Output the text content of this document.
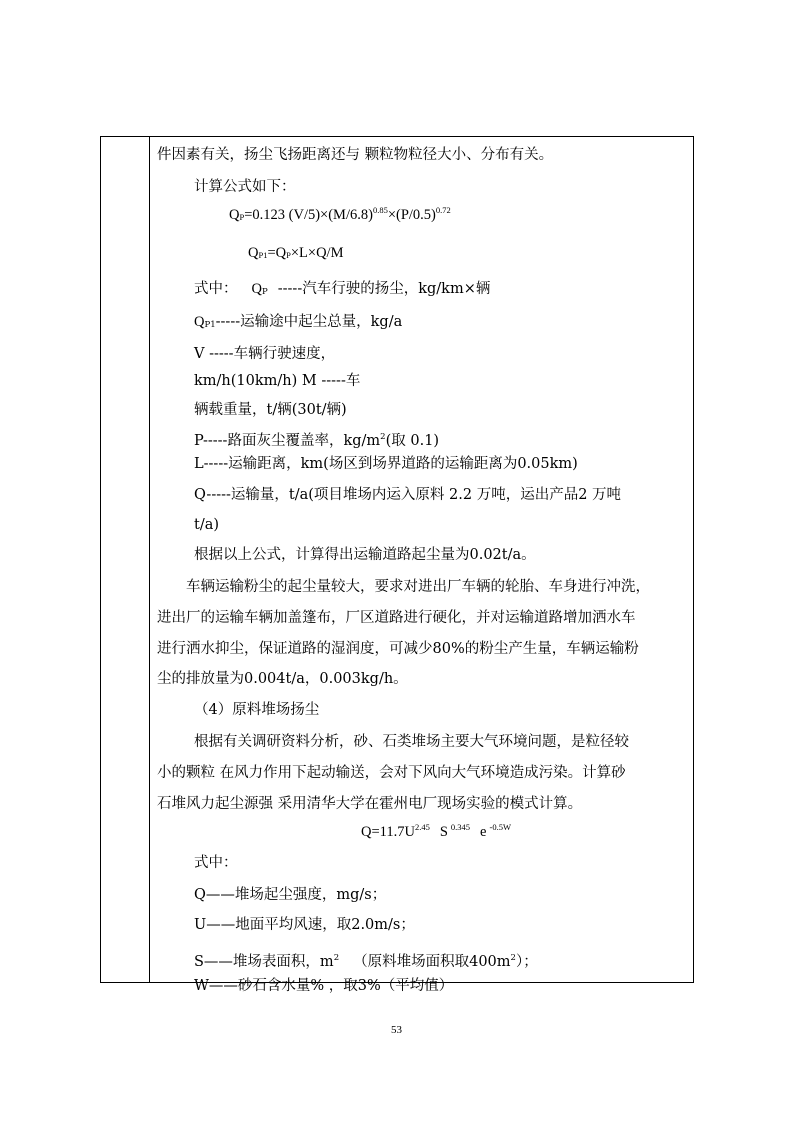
件因素有关，扬尘飞扬距离还与 颗粒物粒径大小、分布有关。
计算公式如下：
$Q_P=0.123$ $(V/5)\times(M/6.8)^{0.85}\times(P/0.5)^{0.72}$
$Q_{P1}=Q_P\times L\times Q/M$
式中： $Q_P$ -----汽车行驶的扬尘，kg/km×辆
$Q_{P1}-----$运输途中起尘总量，kg/a
V -----车辆行驶速度，
km/h(10km/h) M -----车
辆载重量，t/辆(30t/辆)
P-----路面灰尘覆盖率，$kg/m^2$(取 0.1)
L-----运输距离，km(场区到场界道路的运输距离为0.05km)
Q-----运输量，t/a(项目堆场内运入原料 2.2 万吨，运出产品2 万吨
t/a)
根据以上公式，计算得出运输道路起尘量为0.02t/a。
车辆运输粉尘的起尘量较大，要求对进出厂车辆的轮胎、车身进行冲洗，
进出厂的运输车辆加盖篷布，厂区道路进行硬化，并对运输道路增加洒水车
进行洒水抑尘，保证道路的湿润度，可减少80%的粉尘产生量，车辆运输粉
尘的排放量为0.004t/a，0.003kg/h。
（4）原料堆场扬尘
根据有关调研资料分析，砂、石类堆场主要大气环境问题，是粒径较
小的颗粒 在风力作用下起动输送，会对下风向大气环境造成污染。计算砂
石堆风力起尘源强 采用清华大学在霍州电厂现场实验的模式计算。
$Q=11.7U^{2.45}$ S $^{0.345}$ e $^{-0.5W}$
式中：
Q——堆场起尘强度，mg/s；
U——地面平均风速，取2.0m/s；
S——堆场表面积，$m^2$ （原料堆场面积取$400m^2$）；
W——砂石含水量% ，取3%（平均值）
53
